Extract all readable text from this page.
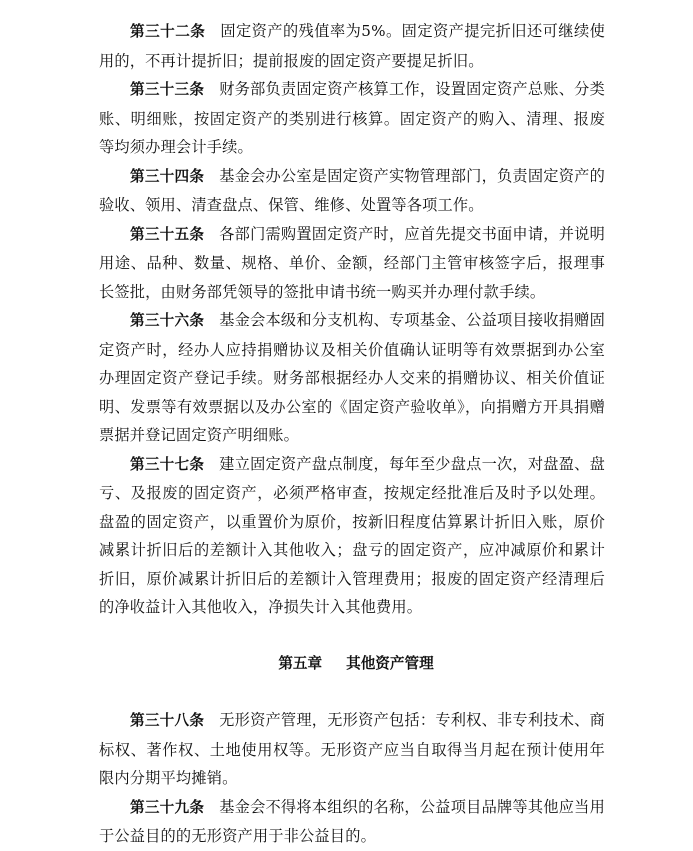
第三十二条 固定资产的残值率为5%。固定资产提完折旧还可继续使用的，不再计提折旧；提前报废的固定资产要提足折旧。

第三十三条 财务部负责固定资产核算工作，设置固定资产总账、分类账、明细账，按固定资产的类别进行核算。固定资产的购入、清理、报废等均须办理会计手续。

第三十四条 基金会办公室是固定资产实物管理部门，负责固定资产的验收、领用、清查盘点、保管、维修、处置等各项工作。

第三十五条 各部门需购置固定资产时，应首先提交书面申请，并说明用途、品种、数量、规格、单价、金额，经部门主管审核签字后，报理事长签批，由财务部凭领导的签批申请书统一购买并办理付款手续。

第三十六条 基金会本级和分支机构、专项基金、公益项目接收捐赠固定资产时，经办人应持捐赠协议及相关价值确认证明等有效票据到办公室办理固定资产登记手续。财务部根据经办人交来的捐赠协议、相关价值证明、发票等有效票据以及办公室的《固定资产验收单》，向捐赠方开具捐赠票据并登记固定资产明细账。

第三十七条 建立固定资产盘点制度，每年至少盘点一次，对盘盈、盘亏、及报废的固定资产，必须严格审查，按规定经批准后及时予以处理。盘盈的固定资产，以重置价为原价，按新旧程度估算累计折旧入账，原价减累计折旧后的差额计入其他收入；盘亏的固定资产，应冲减原价和累计折旧，原价减累计折旧后的差额计入管理费用；报废的固定资产经清理后的净收益计入其他收入，净损失计入其他费用。

第五章 其他资产管理

第三十八条 无形资产管理，无形资产包括：专利权、非专利技术、商标权、著作权、土地使用权等。无形资产应当自取得当月起在预计使用年限内分期平均摊销。

第三十九条 基金会不得将本组织的名称，公益项目品牌等其他应当用于公益目的的无形资产用于非公益目的。
